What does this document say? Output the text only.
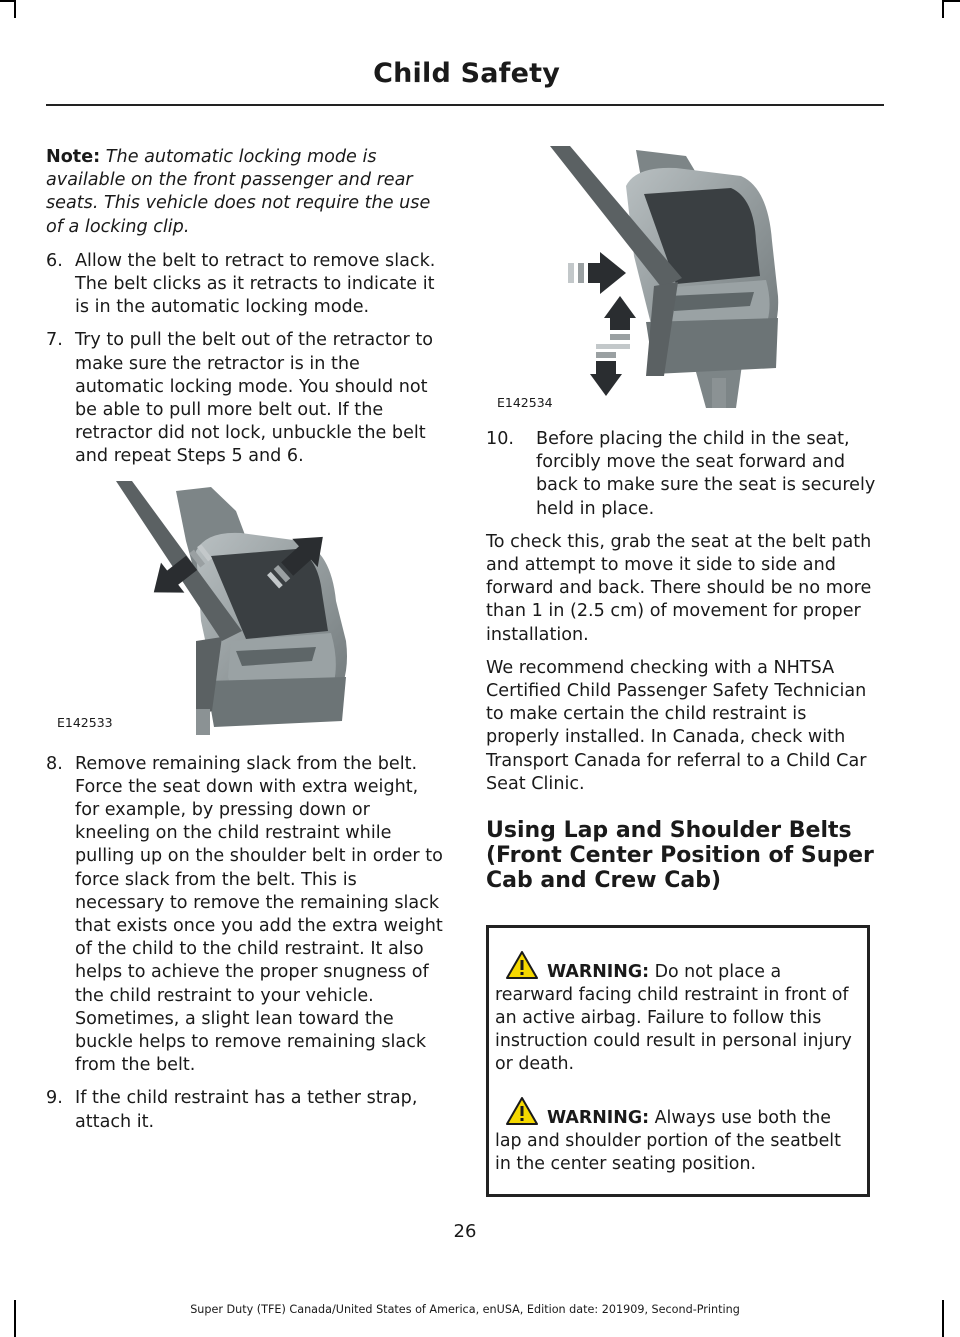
Child Safety

Note: The automatic locking mode is available on the front passenger and rear seats. This vehicle does not require the use of a locking clip.

6. Allow the belt to retract to remove slack. The belt clicks as it retracts to indicate it is in the automatic locking mode.
7. Try to pull the belt out of the retractor to make sure the retractor is in the automatic locking mode. You should not be able to pull more belt out. If the retractor did not lock, unbuckle the belt and repeat Steps 5 and 6.
E142533
8. Remove remaining slack from the belt. Force the seat down with extra weight, for example, by pressing down or kneeling on the child restraint while pulling up on the shoulder belt in order to force slack from the belt. This is necessary to remove the remaining slack that exists once you add the extra weight of the child to the child restraint. It also helps to achieve the proper snugness of the child restraint to your vehicle. Sometimes, a slight lean toward the buckle helps to remove remaining slack from the belt.
9. If the child restraint has a tether strap, attach it.
E142534
10.	Before placing the child in the seat, forcibly move the seat forward and back to make sure the seat is securely held in place.

To check this, grab the seat at the belt path and attempt to move it side to side and forward and back. There should be no more than 1 in (2.5 cm) of movement for proper installation.

We recommend checking with a NHTSA Certified Child Passenger Safety Technician to make certain the child restraint is properly installed. In Canada, check with Transport Canada for referral to a Child Car Seat Clinic.

Using Lap and Shoulder Belts (Front Center Position of Super Cab and Crew Cab)

WARNING: Do not place a rearward facing child restraint in front of an active airbag. Failure to follow this instruction could result in personal injury or death.

WARNING: Always use both the lap and shoulder portion of the seatbelt in the center seating position.

26
Super Duty (TFE) Canada/United States of America, enUSA, Edition date: 201909, Second-Printing
